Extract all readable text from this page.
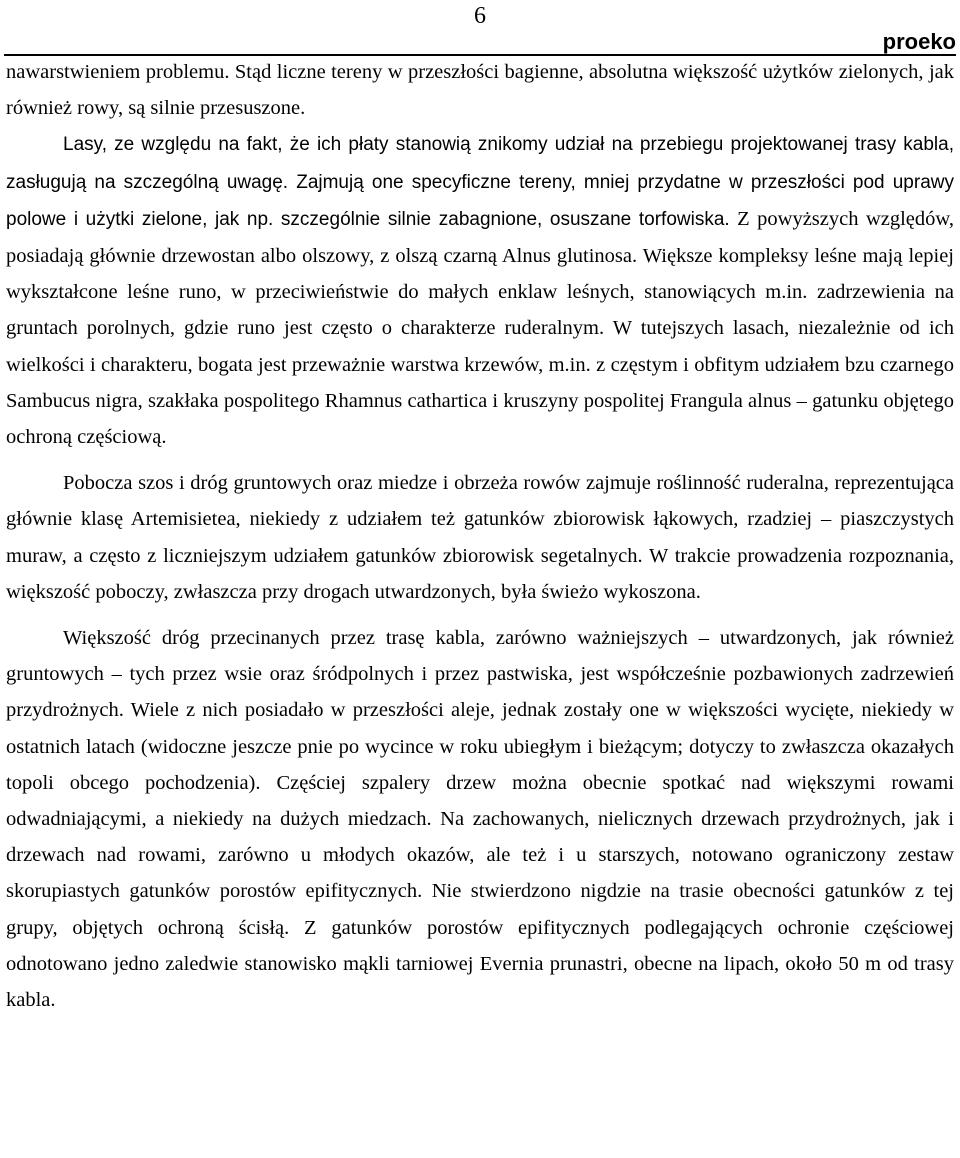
6
proeko

nawarstwieniem problemu. Stąd liczne tereny w przeszłości bagienne, absolutna większość użytków zielonych, jak również rowy, są silnie przesuszone.

Lasy, ze względu na fakt, że ich płaty stanowią znikomy udział na przebiegu projektowanej trasy kabla, zasługują na szczególną uwagę. Zajmują one specyficzne tereny, mniej przydatne w przeszłości pod uprawy polowe i użytki zielone, jak np. szczególnie silnie zabagnione, osuszane torfowiska. Z powyższych względów, posiadają głównie drzewostan albo olszowy, z olszą czarną Alnus glutinosa. Większe kompleksy leśne mają lepiej wykształcone leśne runo, w przeciwieństwie do małych enklaw leśnych, stanowiących m.in. zadrzewienia na gruntach porolnych, gdzie runo jest często o charakterze ruderalnym. W tutejszych lasach, niezależnie od ich wielkości i charakteru, bogata jest przeważnie warstwa krzewów, m.in. z częstym i obfitym udziałem bzu czarnego Sambucus nigra, szakłaka pospolitego Rhamnus cathartica i kruszyny pospolitej Frangula alnus – gatunku objętego ochroną częściową.

Pobocza szos i dróg gruntowych oraz miedze i obrzeża rowów zajmuje roślinność ruderalna, reprezentująca głównie klasę Artemisietea, niekiedy z udziałem też gatunków zbiorowisk łąkowych, rzadziej – piaszczystych muraw, a często z liczniejszym udziałem gatunków zbiorowisk segetalnych. W trakcie prowadzenia rozpoznania, większość poboczy, zwłaszcza przy drogach utwardzonych, była świeżo wykoszona.

Większość dróg przecinanych przez trasę kabla, zarówno ważniejszych – utwardzonych, jak również gruntowych – tych przez wsie oraz śródpolnych i przez pastwiska, jest współcześnie pozbawionych zadrzewień przydrożnych. Wiele z nich posiadało w przeszłości aleje, jednak zostały one w większości wycięte, niekiedy w ostatnich latach (widoczne jeszcze pnie po wycince w roku ubiegłym i bieżącym; dotyczy to zwłaszcza okazałych topoli obcego pochodzenia). Częściej szpalery drzew można obecnie spotkać nad większymi rowami odwadniającymi, a niekiedy na dużych miedzach. Na zachowanych, nielicznych drzewach przydrożnych, jak i drzewach nad rowami, zarówno u młodych okazów, ale też i u starszych, notowano ograniczony zestaw skorupiastych gatunków porostów epifitycznych. Nie stwierdzono nigdzie na trasie obecności gatunków z tej grupy, objętych ochroną ścisłą. Z gatunków porostów epifitycznych podlegających ochronie częściowej odnotowano jedno zaledwie stanowisko mąkli tarniowej Evernia prunastri, obecne na lipach, około 50 m od trasy kabla.
